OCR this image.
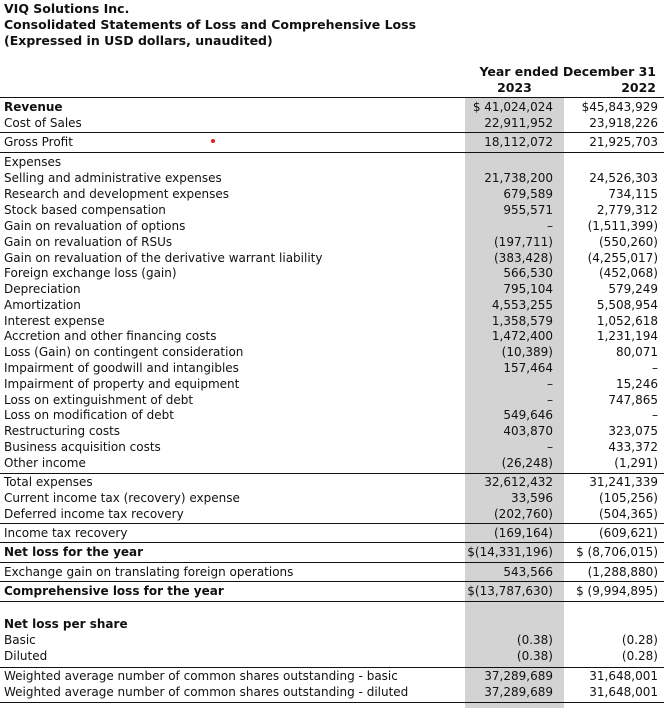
VIQ Solutions Inc.
Consolidated Statements of Loss and Comprehensive Loss
(Expressed in USD dollars, unaudited)
Year ended December 31
2023	2022
Revenue	$ 41,024,024	$45,843,929
Cost of Sales	22,911,952	23,918,226
Gross Profit	18,112,072	21,925,703
Expenses
Selling and administrative expenses	21,738,200	24,526,303
Research and development expenses	679,589	734,115
Stock based compensation	955,571	2,779,312
Gain on revaluation of options	–	(1,511,399)
Gain on revaluation of RSUs	(197,711)	(550,260)
Gain on revaluation of the derivative warrant liability	(383,428)	(4,255,017)
Foreign exchange loss (gain)	566,530	(452,068)
Depreciation	795,104	579,249
Amortization	4,553,255	5,508,954
Interest expense	1,358,579	1,052,618
Accretion and other financing costs	1,472,400	1,231,194
Loss (Gain) on contingent consideration	(10,389)	80,071
Impairment of goodwill and intangibles	157,464	–
Impairment of property and equipment	–	15,246
Loss on extinguishment of debt	–	747,865
Loss on modification of debt	549,646	–
Restructuring costs	403,870	323,075
Business acquisition costs	–	433,372
Other income	(26,248)	(1,291)
Total expenses	32,612,432	31,241,339
Current income tax (recovery) expense	33,596	(105,256)
Deferred income tax recovery	(202,760)	(504,365)
Income tax recovery	(169,164)	(609,621)
Net loss for the year	$(14,331,196)	$ (8,706,015)
Exchange gain on translating foreign operations	543,566	(1,288,880)
Comprehensive loss for the year	$(13,787,630)	$ (9,994,895)
Net loss per share
Basic	(0.38)	(0.28)
Diluted	(0.38)	(0.28)
Weighted average number of common shares outstanding - basic	37,289,689	31,648,001
Weighted average number of common shares outstanding - diluted	37,289,689	31,648,001
